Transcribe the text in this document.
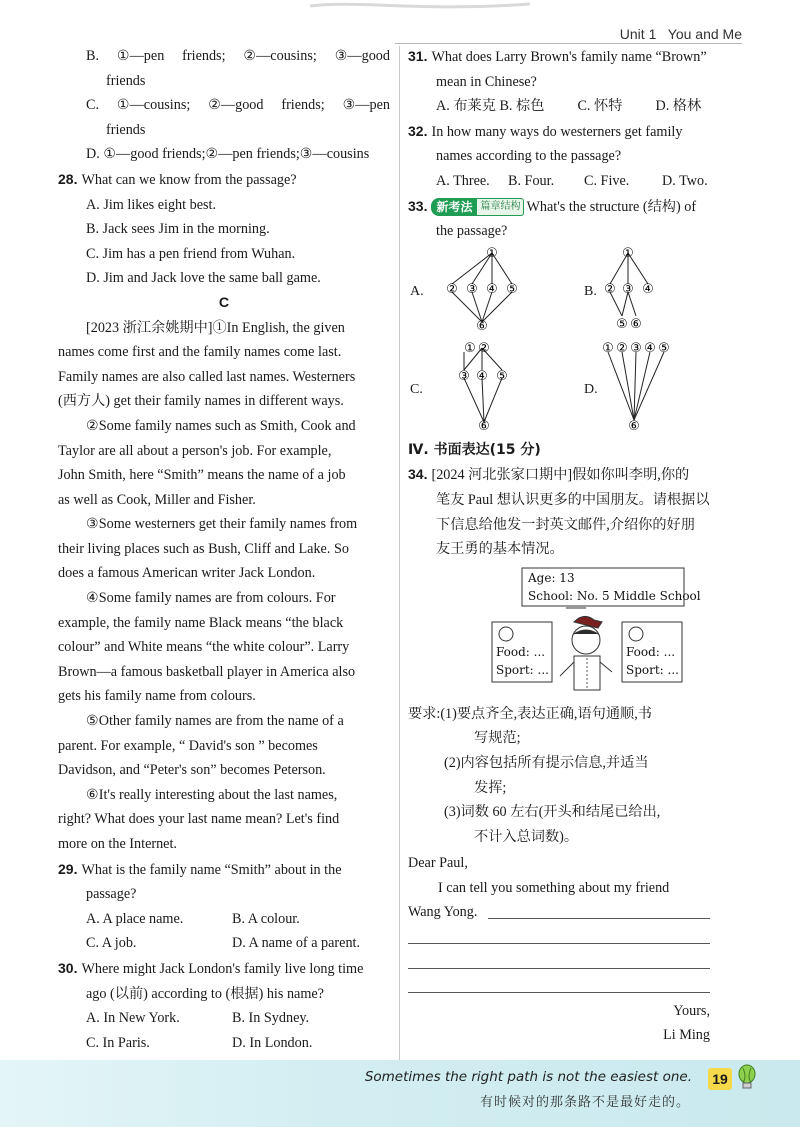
Unit 1 You and Me
B. ①—pen friends; ②—cousins; ③—good
friends
C. ①—cousins; ②—good friends; ③—pen
friends
D. ①—good friends;②—pen friends;③—cousins
28. What can we know from the passage?
A. Jim likes eight best.
B. Jack sees Jim in the morning.
C. Jim has a pen friend from Wuhan.
D. Jim and Jack love the same ball game.
C
[2023 浙江余姚期中]①In English, the given
names come first and the family names come last.
Family names are also called last names. Westerners
(西方人) get their family names in different ways.
②Some family names such as Smith, Cook and
Taylor are all about a person's job. For example,
John Smith, here “Smith” means the name of a job
as well as Cook, Miller and Fisher.
③Some westerners get their family names from
their living places such as Bush, Cliff and Lake. So
does a famous American writer Jack London.
④Some family names are from colours. For
example, the family name Black means “the black
colour” and White means “the white colour”. Larry
Brown—a famous basketball player in America also
gets his family name from colours.
⑤Other family names are from the name of a
parent. For example, “ David's son ” becomes
Davidson, and “Peter's son” becomes Peterson.
⑥It's really interesting about the last names,
right? What does your last name mean? Let's find
more on the Internet.
29. What is the family name “Smith” about in the
passage?
A. A place name.	B. A colour.
C. A job.	D. A name of a parent.
30. Where might Jack London's family live long time
ago (以前) according to (根据) his name?
A. In New York.	B. In Sydney.
C. In Paris.	D. In London.
31. What does Larry Brown's family name “Brown”
mean in Chinese?
A. 布莱克
B. 棕色	C. 怀特	D. 格林
32. In how many ways do westerners get family
names according to the passage?
A. Three.	B. Four.	C. Five.	D. Two.
33. 新考法 篇章结构 What's the structure (结构) of
the passage?
A.
①
② ③ ④ ⑤
⑥
B.
①
② ③ ④
⑤ ⑥
C.
① ②
③ ④ ⑤
⑥
D.
① ② ③ ④ ⑤
⑥
Ⅳ. 书面表达(15 分)
34. [2024 河北张家口期中]假如你叫李明,你的
笔友 Paul 想认识更多的中国朋友。请根据以
下信息给他发一封英文邮件,介绍你的好朋
友王勇的基本情况。
Age: 13
School: No. 5 Middle School
Food: ...
Sport: ...
Food: ...
Sport: ...
要求:(1)要点齐全,表达正确,语句通顺,书
写规范;
(2)内容包括所有提示信息,并适当
发挥;
(3)词数 60 左右(开头和结尾已给出,
不计入总词数)。
Dear Paul,
I can tell you something about my friend
Wang Yong.

Yours,
Li Ming
Sometimes the right path is not the easiest one.
有时候对的那条路不是最好走的。
19
